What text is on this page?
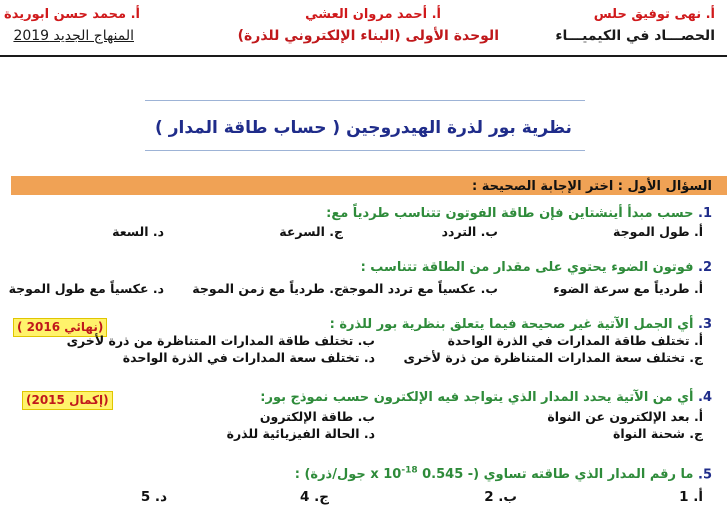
أ. نهى توفيق حلس
أ. أحمد مروان العشي
أ. محمد حسن ابوريدة
الحصـــاد في الكيميـــاء
الوحدة الأولى (البناء الإلكتروني للذرة)
المنهاج الجديد 2019
نظرية بور لذرة الهيدروجين ( حساب طاقة المدار )
السؤال الأول : اختر الإجابة الصحيحة :
1. حسب مبدأ أينشتاين فإن طاقة الفوتون تتناسب طردياً مع:
أ. طول الموجة
ب. التردد
ج. السرعة
د. السعة
2. فوتون الضوء يحتوي على مقدار من الطاقة تتناسب :
أ. طردياً مع سرعة الضوء
ب. عكسياً مع تردد الموجة
ج. طردياً مع زمن الموجة
د. عكسياً مع طول الموجة
3. أي الجمل الآتية غير صحيحة فيما يتعلق بنظرية بور للذرة :
(نهائي 2016 )
أ. تختلف طاقة المدارات في الذرة الواحدة
ب. تختلف طاقة المدارات المتناظرة من ذرة لأخرى
ج. تختلف سعة المدارات المتناظرة من ذرة لأخرى
د. تختلف سعة المدارات في الذرة الواحدة
4. أي من الآتية يحدد المدار الذي يتواجد فيه الإلكترون حسب نموذج بور:
(إكمال 2015)
أ. بعد الإلكترون عن النواة
ب. طاقة الإلكترون
ج. شحنة النواة
د. الحالة الفيزيائية للذرة
5. ما رقم المدار الذي طاقته تساوي (- 0.545 x $10^{-18}$ جول/ذرة) :
أ. 1
ب. 2
ج. 4
د. 5
